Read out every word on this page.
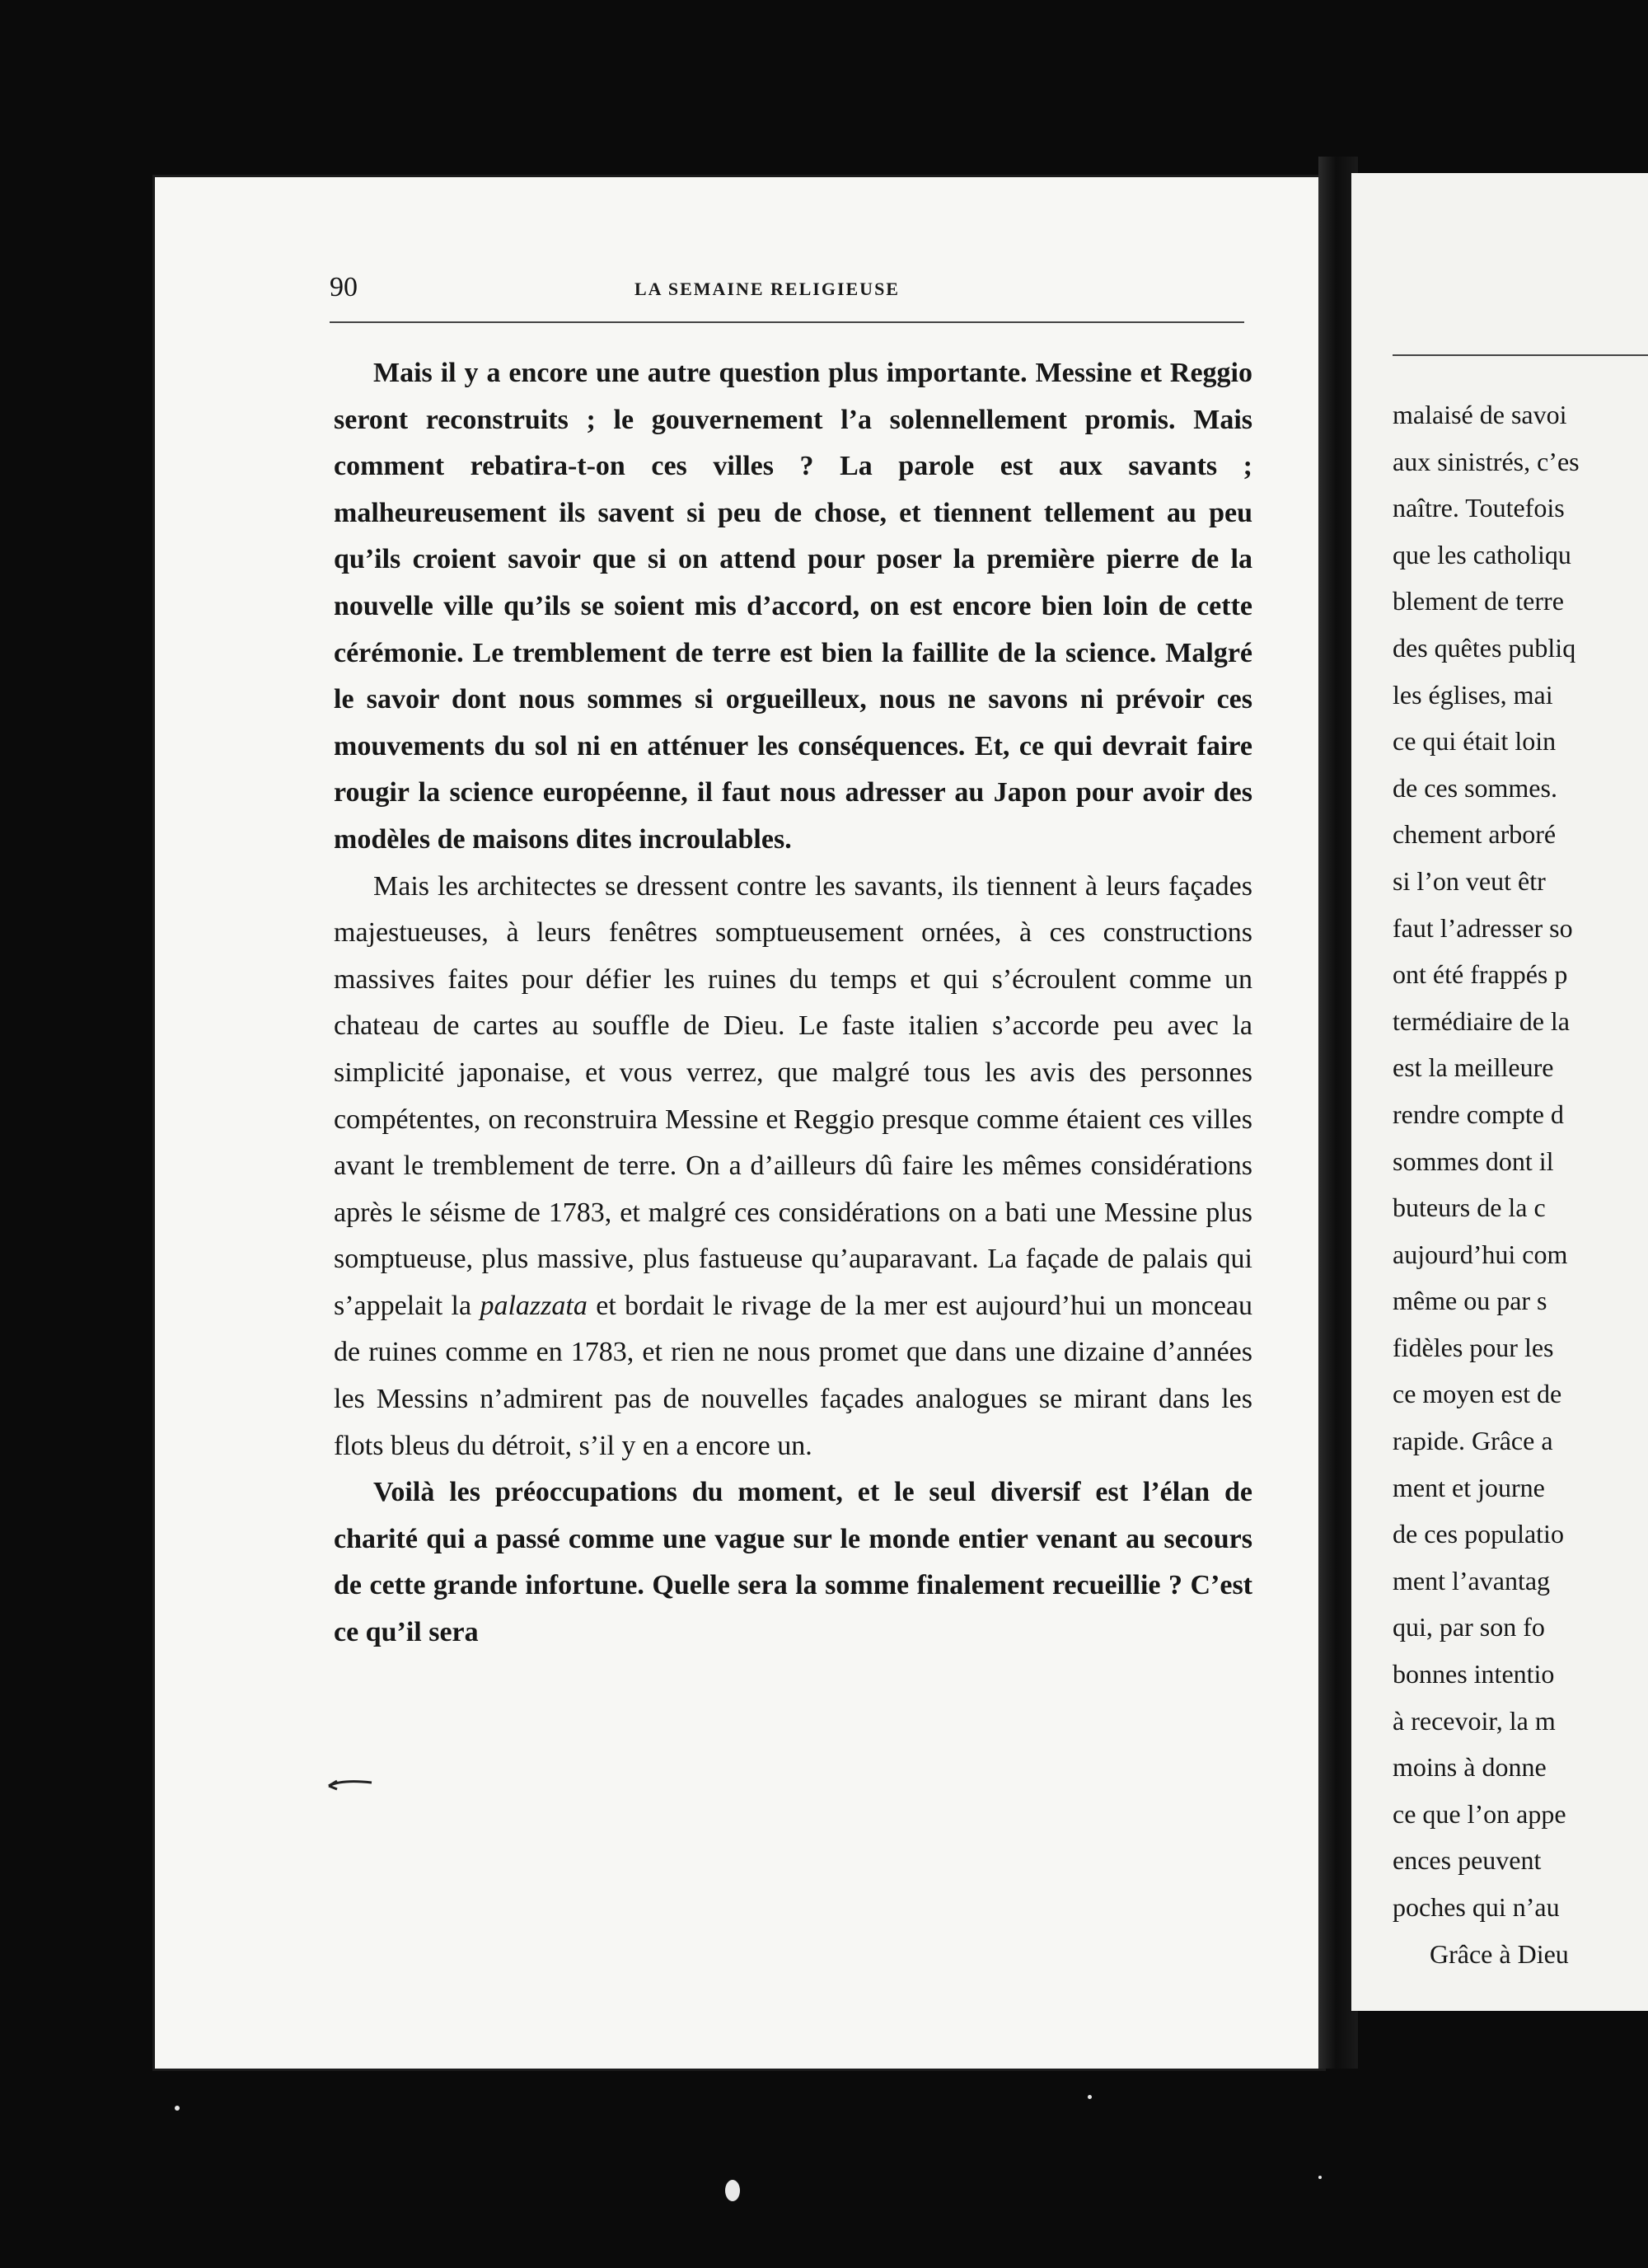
malaisé de savoi
aux sinistrés, c’es
naître. Toutefois
que les catholiqu
blement de terre
des quêtes publiq
les églises, mai
ce qui était loin
de ces sommes.
chement arboré
si l’on veut êtr
faut l’adresser so
ont été frappés p
termédiaire de la
est la meilleure
rendre compte d
sommes dont il
buteurs de la c
aujourd’hui com
même ou par s
fidèles pour les
ce moyen est de
rapide. Grâce a
ment et journe
de ces populatio
ment l’avantag
qui, par son fo
bonnes intentio
à recevoir, la m
moins à donne
ce que l’on appe
ences peuvent
poches qui n’au
Grâce à Dieu
90	LA SEMAINE RELIGIEUSE

Mais il y a encore une autre question plus importante. Messine et Reggio seront reconstruits ; le gouvernement l’a solennellement promis. Mais comment rebatira-t-on ces villes ? La parole est aux savants ; malheureusement ils savent si peu de chose, et tiennent tellement au peu qu’ils croient savoir que si on attend pour poser la première pierre de la nouvelle ville qu’ils se soient mis d’accord, on est encore bien loin de cette cérémonie. Le tremblement de terre est bien la faillite de la science. Malgré le savoir dont nous sommes si orgueilleux, nous ne savons ni prévoir ces mouvements du sol ni en atténuer les conséquences. Et, ce qui devrait faire rougir la science européenne, il faut nous adresser au Japon pour avoir des modèles de maisons dites incroulables.

Mais les architectes se dressent contre les savants, ils tiennent à leurs façades majestueuses, à leurs fenêtres somptueusement ornées, à ces constructions massives faites pour défier les ruines du temps et qui s’écroulent comme un chateau de cartes au souffle de Dieu. Le faste italien s’accorde peu avec la simplicité japonaise, et vous verrez, que malgré tous les avis des personnes compétentes, on reconstruira Messine et Reggio presque comme étaient ces villes avant le tremblement de terre. On a d’ailleurs dû faire les mêmes considérations après le séisme de 1783, et malgré ces considérations on a bati une Messine plus somptueuse, plus massive, plus fastueuse qu’auparavant. La façade de palais qui s’appelait la palazzata et bordait le rivage de la mer est aujourd’hui un monceau de ruines comme en 1783, et rien ne nous promet que dans une dizaine d’années les Messins n’admirent pas de nouvelles façades analogues se mirant dans les flots bleus du détroit, s’il y en a encore un.

Voilà les préoccupations du moment, et le seul diversif est l’élan de charité qui a passé comme une vague sur le monde entier venant au secours de cette grande infortune. Quelle sera la somme finalement recueillie ? C’est ce qu’il sera
